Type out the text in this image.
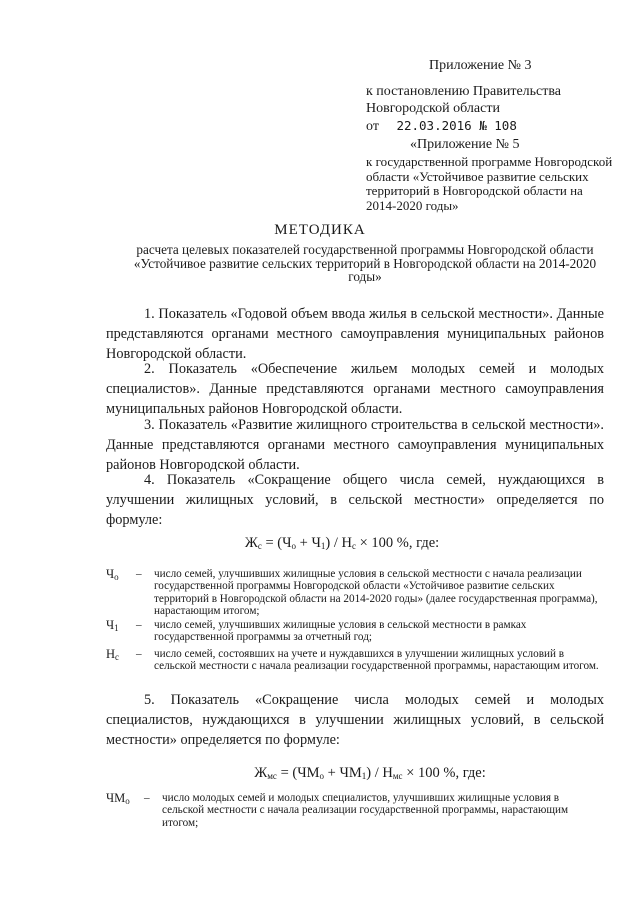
Приложение № 3
к постановлению Правительства
Новгородской области
от 22.03.2016 № 108
«Приложение № 5
к государственной программе Новгородской области «Устойчивое развитие сельских территорий в Новгородской области на 2014-2020 годы»
МЕТОДИКА
расчета целевых показателей государственной программы Новгородской области «Устойчивое развитие сельских территорий в Новгородской области на 2014-2020 годы»
1. Показатель «Годовой объем ввода жилья в сельской местности». Данные представляются органами местного самоуправления муниципальных районов Новгородской области.
2. Показатель «Обеспечение жильем молодых семей и молодых специалистов». Данные представляются органами местного самоуправления муниципальных районов Новгородской области.
3. Показатель «Развитие жилищного строительства в сельской местности». Данные представляются органами местного самоуправления муниципальных районов Новгородской области.
4. Показатель «Сокращение общего числа семей, нуждающихся в улучшении жилищных условий, в сельской местности» определяется по формуле:
$Ж_с = (Ч_о + Ч_1) / Н_с \times 100$ %, где:
$Ч_о$ – число семей, улучшивших жилищные условия в сельской местности с начала реализации государственной программы Новгородской области «Устойчивое развитие сельских территорий в Новгородской области на 2014-2020 годы» (далее государственная программа), нарастающим итогом;
$Ч_1$ – число семей, улучшивших жилищные условия в сельской местности в рамках государственной программы за отчетный год;
$Н_с$ – число семей, состоявших на учете и нуждавшихся в улучшении жилищных условий в сельской местности с начала реализации государственной программы, нарастающим итогом.
5. Показатель «Сокращение числа молодых семей и молодых специалистов, нуждающихся в улучшении жилищных условий, в сельской местности» определяется по формуле:
$Ж_{мс} = (ЧМ_о + ЧМ_1) / Н_{мс} \times 100$ %, где:
$ЧМ_о$ – число молодых семей и молодых специалистов, улучшивших жилищные условия в сельской местности с начала реализации государственной программы, нарастающим итогом;
